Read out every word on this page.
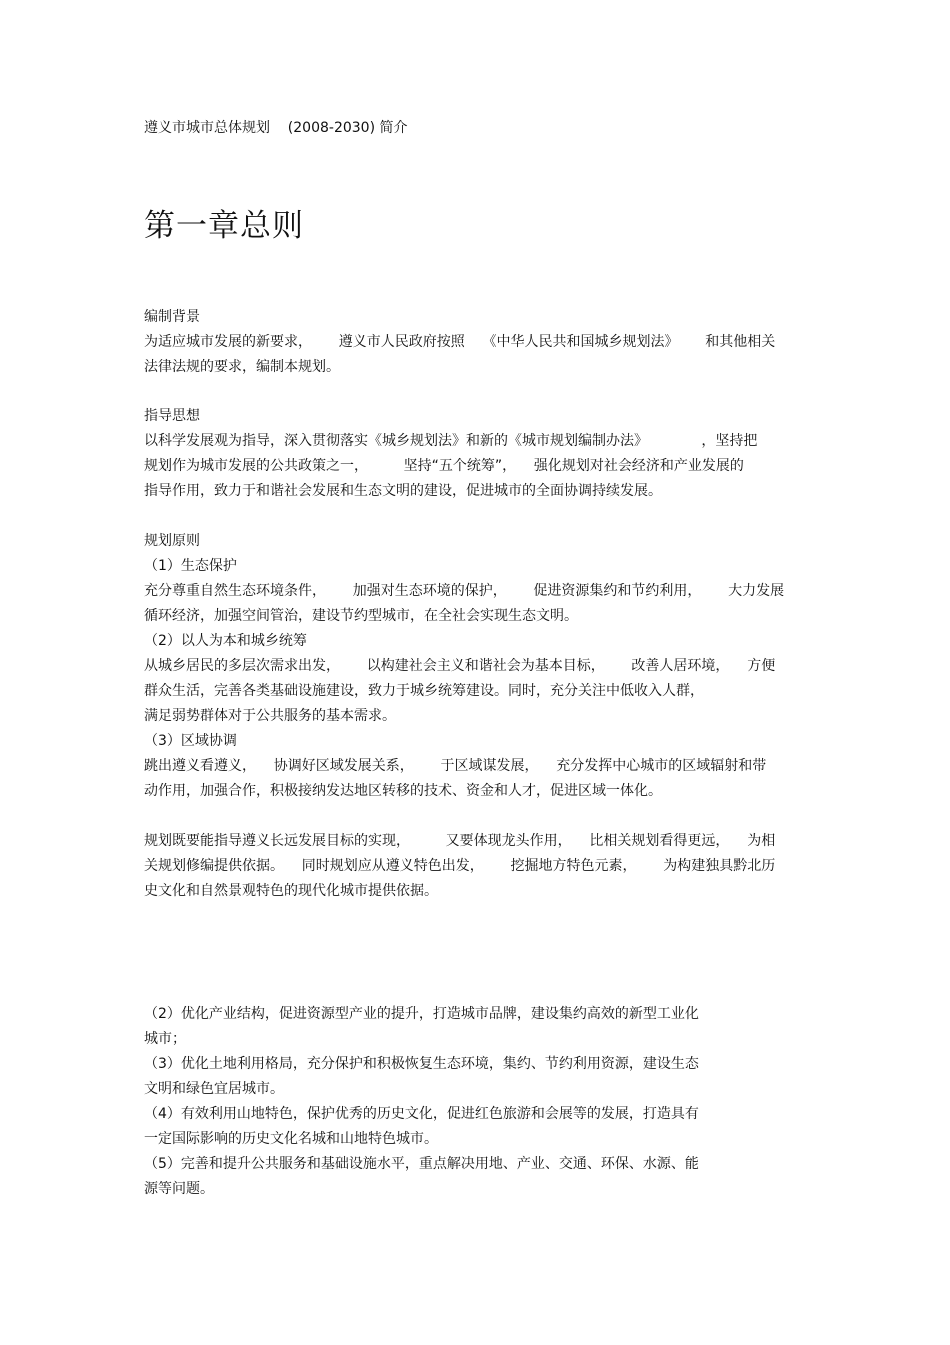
遵义市城市总体规划    (2008-2030) 简介
第一章总则
编制背景
为适应城市发展的新要求，      遵义市人民政府按照    《中华人民共和国城乡规划法》      和其他相关
法律法规的要求，编制本规划。
指导思想
以科学发展观为指导，深入贯彻落实《城乡规划法》和新的《城市规划编制办法》            ，坚持把
规划作为城市发展的公共政策之一，        坚持“五个统筹”，    强化规划对社会经济和产业发展的
指导作用，致力于和谐社会发展和生态文明的建设，促进城市的全面协调持续发展。
规划原则
（1）生态保护
充分尊重自然生态环境条件，      加强对生态环境的保护，      促进资源集约和节约利用，      大力发展
循环经济，加强空间管治，建设节约型城市，在全社会实现生态文明。
（2）以人为本和城乡统筹
从城乡居民的多层次需求出发，      以构建社会主义和谐社会为基本目标，      改善人居环境，    方便
群众生活，完善各类基础设施建设，致力于城乡统筹建设。同时，充分关注中低收入人群，
满足弱势群体对于公共服务的基本需求。
（3）区域协调
跳出遵义看遵义，    协调好区域发展关系，      于区域谋发展，    充分发挥中心城市的区域辐射和带
动作用，加强合作，积极接纳发达地区转移的技术、资金和人才，促进区域一体化。
规划既要能指导遵义长远发展目标的实现，        又要体现龙头作用，    比相关规划看得更远，    为相
关规划修编提供依据。    同时规划应从遵义特色出发，      挖掘地方特色元素，      为构建独具黔北历
史文化和自然景观特色的现代化城市提供依据。
（2）优化产业结构，促进资源型产业的提升，打造城市品牌，建设集约高效的新型工业化
城市；
（3）优化土地利用格局，充分保护和积极恢复生态环境，集约、节约利用资源，建设生态
文明和绿色宜居城市。
（4）有效利用山地特色，保护优秀的历史文化，促进红色旅游和会展等的发展，打造具有
一定国际影响的历史文化名城和山地特色城市。
（5）完善和提升公共服务和基础设施水平，重点解决用地、产业、交通、环保、水源、能
源等问题。
